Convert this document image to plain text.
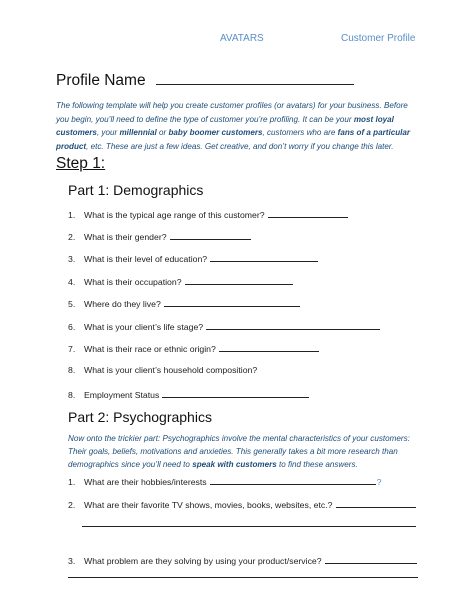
AVATARS	Customer Profile
Profile Name
The following template will help you create customer profiles (or avatars) for your business. Before you begin, you’ll need to define the type of customer you’re profiling. It can be your most loyal customers, your millennial or baby boomer customers, customers who are fans of a particular product, etc. These are just a few ideas. Get creative, and don’t worry if you change this later.
Step 1:
Part 1: Demographics
1. What is the typical age range of this customer?
2. What is their gender?
3. What is their level of education?
4. What is their occupation?
5. Where do they live?
6. What is your client’s life stage?
7. What is their race or ethnic origin?
8. What is your client’s household composition?
8. Employment Status
Part 2: Psychographics
Now onto the trickier part: Psychographics involve the mental characteristics of your customers: Their goals, beliefs, motivations and anxieties. This generally takes a bit more research than demographics since you’ll need to speak with customers to find these answers.
1. What are their hobbies/interests	?
2. What are their favorite TV shows, movies, books, websites, etc.?
3. What problem are they solving by using your product/service?
